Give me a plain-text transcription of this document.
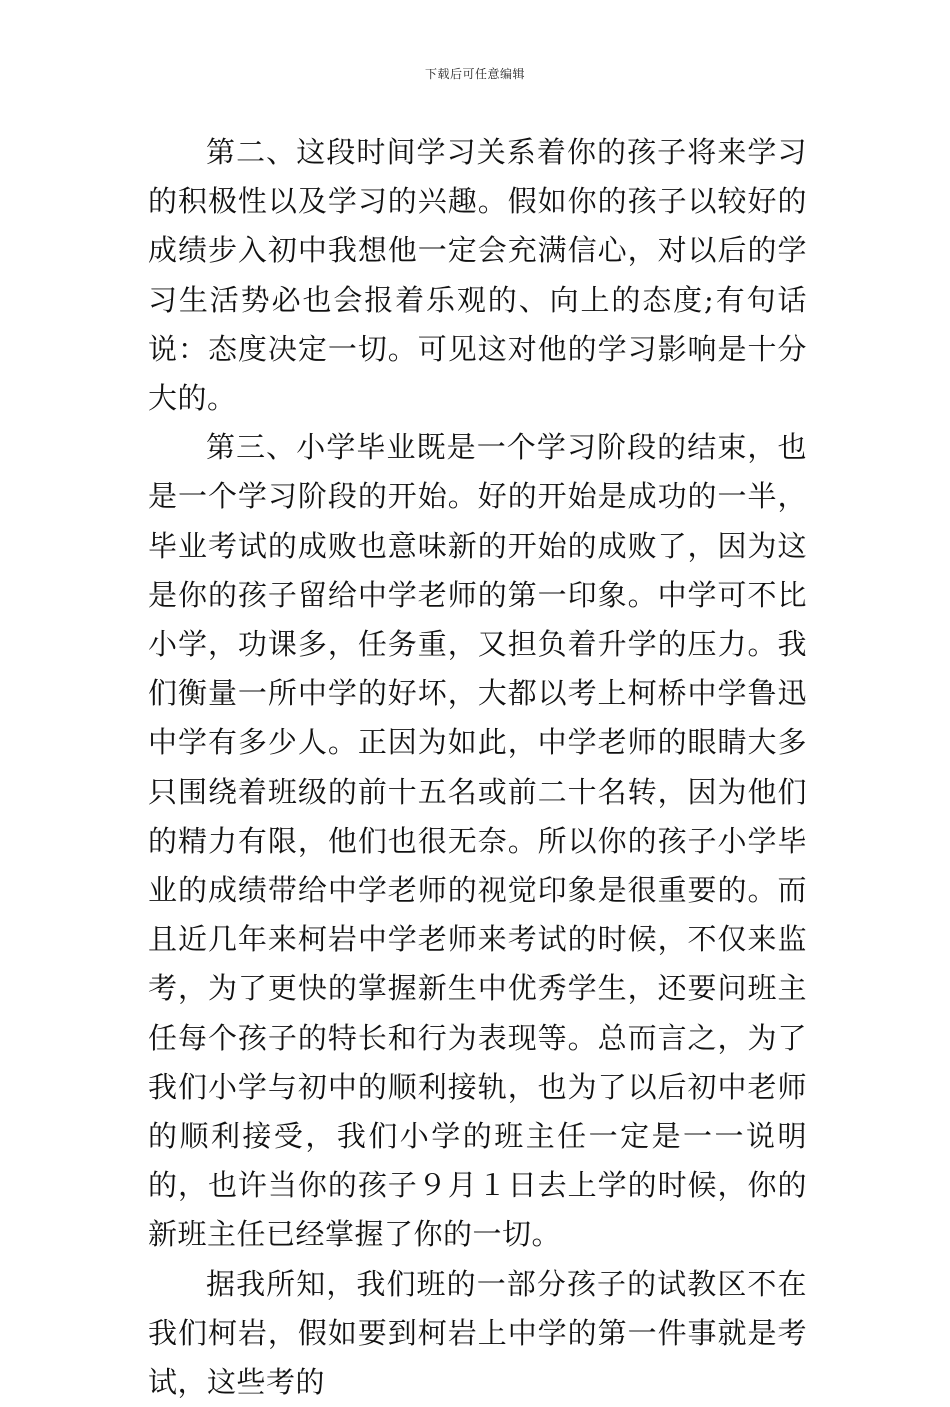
下载后可任意编辑

第二、这段时间学习关系着你的孩子将来学习的积极性以及学习的兴趣。假如你的孩子以较好的成绩步入初中我想他一定会充满信心，对以后的学习生活势必也会报着乐观的、向上的态度;有句话说：态度决定一切。可见这对他的学习影响是十分大的。

第三、小学毕业既是一个学习阶段的结束，也是一个学习阶段的开始。好的开始是成功的一半，毕业考试的成败也意味新的开始的成败了，因为这是你的孩子留给中学老师的第一印象。中学可不比小学，功课多，任务重，又担负着升学的压力。我们衡量一所中学的好坏，大都以考上柯桥中学鲁迅中学有多少人。正因为如此，中学老师的眼睛大多只围绕着班级的前十五名或前二十名转，因为他们的精力有限，他们也很无奈。所以你的孩子小学毕业的成绩带给中学老师的视觉印象是很重要的。而且近几年来柯岩中学老师来考试的时候，不仅来监考，为了更快的掌握新生中优秀学生，还要问班主任每个孩子的特长和行为表现等。总而言之，为了我们小学与初中的顺利接轨，也为了以后初中老师的顺利接受，我们小学的班主任一定是一一说明的，也许当你的孩子９月１日去上学的时候，你的新班主任已经掌握了你的一切。

据我所知，我们班的一部分孩子的试教区不在我们柯岩，假如要到柯岩上中学的第一件事就是考试，这些考的
